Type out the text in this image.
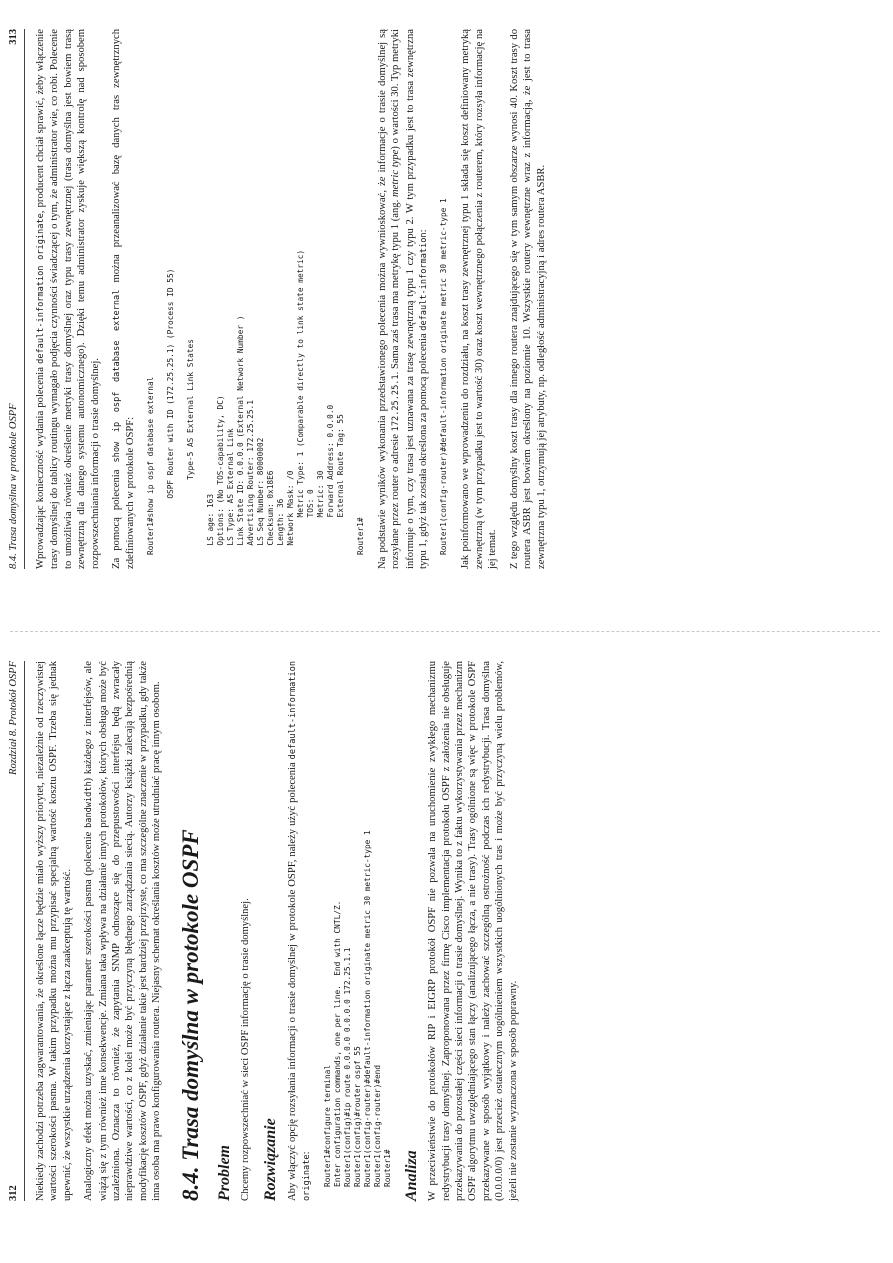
312
Rozdział 8. Protokół OSPF Niekiedy zachodzi potrzeba zagwarantowania, że określone łącze będzie miało wyższy priorytet, niezależnie od rzeczywistej wartości szerokości pasma. W takim przypadku można mu przypisać specjalną wartość kosztu OSPF. Trzeba się jednak upewnić, że wszystkie urządzenia korzystające z łącza zaakceptują tę wartość. Analogiczny efekt można uzyskać, zmieniając parametr szerokości pasma (polecenie bandwidth) każdego z interfejsów, ale wiążą się z tym również inne konsekwencje. Zmiana taka wpływa na działanie innych protokołów, których obsługa może być uzależniona. Oznacza to również, że zapytania SNMP odnoszące się do przepustowości interfejsu będą zwracały nieprawdziwe wartości, co z kolei może być przyczyną błędnego zarządzania siecią. Autorzy książki zalecają bezpośrednią modyfikację kosztów OSPF, gdyż działanie takie jest bardziej przejrzyste, co ma szczególne znaczenie w przypadku, gdy także inna osoba ma prawo konfigurowania routera. Niejasny schemat określania kosztów może utrudniać pracę innym osobom. 8.4. Trasa domyślna w protokole OSPF Problem Chcemy rozpowszechniać w sieci OSPF informację o trasie domyślnej. Rozwiązanie Aby włączyć opcję rozsyłania informacji o trasie domyślnej w protokole OSPF, należy użyć polecenia default-information originate:	Router1#configure terminal
Enter configuration commands, one per line.  End with CNTL/Z.
Router1(config)#ip route 0.0.0.0 0.0.0.0 172.25.1.1
Router1(config)#router ospf 55
Router1(config-router)#default-information originate metric 30 metric-type 1
Router1(config-router)#end
Router1# Analiza W przeciwieństwie do protokołów RIP i EIGRP protokół OSPF nie pozwala na uruchomienie zwykłego mechanizmu redystrybucji trasy domyślnej. Zaproponowana przez firmę Cisco implementacja protokołu OSPF z założenia nie obsługuje przekazywania do pozostałej części sieci informacji o trasie domyślnej. Wynika to z faktu wykorzystywania przez mechanizm OSPF algorytmu uwzględniającego stan łączy (analizującego łącza, a nie trasy). Trasy ogólnione są więc w protokole OSPF przekazywane w sposób wyjątkowy i należy zachować szczególną ostrożność podczas ich redystrybucji. Trasa domyślna (0.0.0.0/0) jest przecież ostatecznym uogólnieniem wszystkich uogólnionych tras i może być przyczyną wielu problemów, jeżeli nie zostanie wyznaczona w sposób poprawny.

8.4. Trasa domyślna w protokole OSPF
313

Wprowadzając konieczność wydania polecenia default-information originate, producent chciał sprawić, żeby włączenie trasy domyślnej do tablicy routingu wymagało podjęcia czynności świadczącej o tym, że administrator wie, co robi. Polecenie to umożliwia również określenie metryki trasy domyślnej oraz typu trasy zewnętrznej (trasa domyślna jest bowiem trasą zewnętrzną dla danego systemu autonomicznego). Dzięki temu administrator zyskuje większą kontrolę nad sposobem rozpowszechniania informacji o trasie domyślnej. Za pomocą polecenia show ip ospf database external można przeanalizować bazę danych tras zewnętrznych zdefiniowanych w protokole OSPF: Router1#show ip ospf database external

OSPF Router with ID (172.25.25.1) (Process ID 55)

Type-5 AS External Link States

LS age: 163
Options: (No TOS-capability, DC)
LS Type: AS External Link
Link State ID: 0.0.0.0 (External Network Number )
Advertising Router: 172.25.25.1
LS Seq Number: 80000002
Checksum: 0x18E6
Length: 36
Network Mask: /0
Metric Type: 1 (Comparable directly to link state metric)
TOS: 0
Metric: 30
Forward Address: 0.0.0.0
External Route Tag: 55 Router1# Na podstawie wyników wykonania przedstawionego polecenia można wywnioskować, że informacje o trasie domyślnej są rozsyłane przez router o adresie 172.25.25.1. Sama zaś trasa ma metrykę typu 1 (ang. metric type) o wartości 30. Typ metryki informuje o tym, czy trasa jest uznawana za trasę zewnętrzną typu 1 czy typu 2. W tym przypadku jest to trasa zewnętrzna typu 1, gdyż tak została określona za pomocą polecenia default-information:	Router1(config-router)#default-information originate metric 30 metric-type 1 Jak poinformowano we wprowadzeniu do rozdziału, na koszt trasy zewnętrznej typu 1 składa się koszt definiowany metryką zewnętrzną (w tym przypadku jest to wartość 30) oraz koszt wewnętrznego połączenia z routerem, który rozsyła informację na jej temat. Z tego względu domyślny koszt trasy dla innego routera znajdującego się w tym samym obszarze wynosi 40. Koszt trasy do routera ASBR jest bowiem określony na poziomie 10. Wszystkie routery wewnętrzne wraz z informacją, że jest to trasa zewnętrzna typu 1, otrzymują jej atrybuty, np. odległość administracyjną i adres routera ASBR.
